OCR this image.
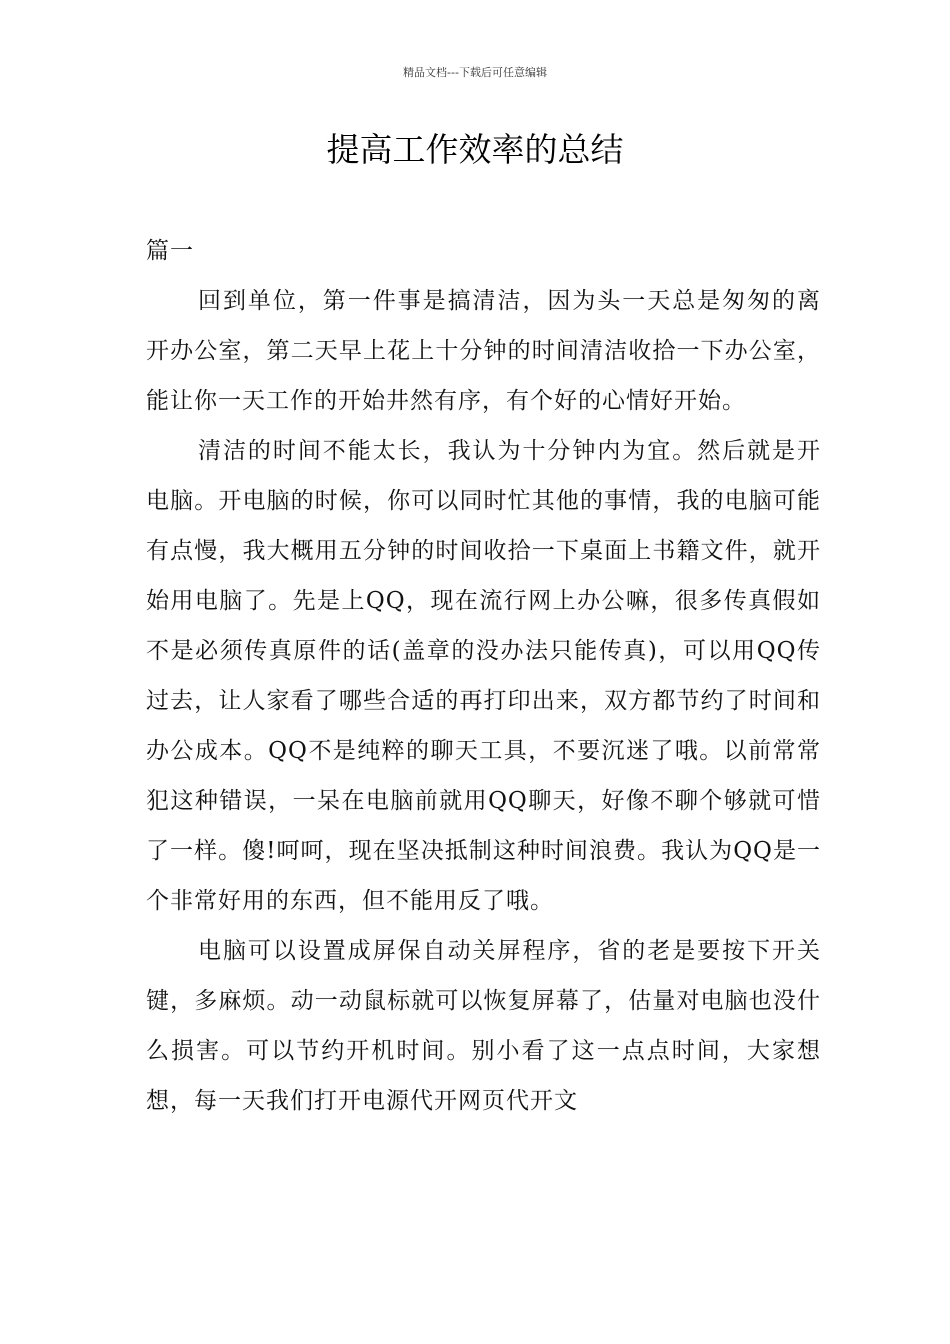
精品文档---下载后可任意编辑
提高工作效率的总结

篇一

回到单位，第一件事是搞清洁，因为头一天总是匆匆的离开办公室，第二天早上花上十分钟的时间清洁收拾一下办公室，能让你一天工作的开始井然有序，有个好的心情好开始。

清洁的时间不能太长，我认为十分钟内为宜。然后就是开电脑。开电脑的时候，你可以同时忙其他的事情，我的电脑可能有点慢，我大概用五分钟的时间收拾一下桌面上书籍文件，就开始用电脑了。先是上QQ，现在流行网上办公嘛，很多传真假如不是必须传真原件的话(盖章的没办法只能传真)，可以用QQ传过去，让人家看了哪些合适的再打印出来，双方都节约了时间和办公成本。QQ不是纯粹的聊天工具，不要沉迷了哦。以前常常犯这种错误，一呆在电脑前就用QQ聊天，好像不聊个够就可惜了一样。傻!呵呵，现在坚决抵制这种时间浪费。我认为QQ是一个非常好用的东西，但不能用反了哦。

电脑可以设置成屏保自动关屏程序，省的老是要按下开关键，多麻烦。动一动鼠标就可以恢复屏幕了，估量对电脑也没什么损害。可以节约开机时间。别小看了这一点点时间，大家想想，每一天我们打开电源代开网页代开文
